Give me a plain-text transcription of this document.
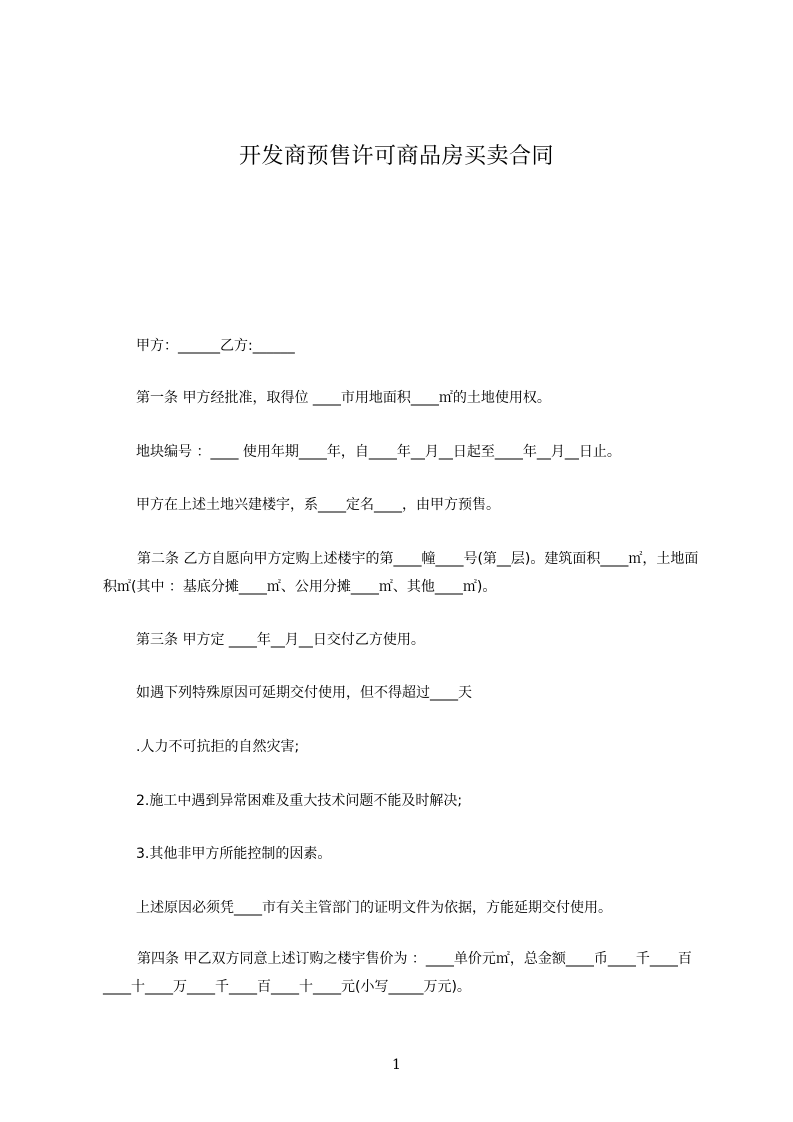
开发商预售许可商品房买卖合同

甲方：______乙方:______

第一条 甲方经批准，取得位 ____市用地面积____㎡的土地使用权。

地块编号 ：____ 使用年期____年，自____年__月__日起至____年__月__日止。

甲方在上述土地兴建楼宇，系____定名____，由甲方预售。

第二条 乙方自愿向甲方定购上述楼宇的第____幢____号(第__层)。建筑面积____㎡，土地面积㎡(其中 ：基底分摊____㎡、公用分摊____㎡、其他____㎡)。

第三条 甲方定 ____年__月__日交付乙方使用。

如遇下列特殊原因可延期交付使用，但不得超过____天

.人力不可抗拒的自然灾害;

2.施工中遇到异常困难及重大技术问题不能及时解决;

3.其他非甲方所能控制的因素。

上述原因必须凭____市有关主管部门的证明文件为依据，方能延期交付使用。

第四条 甲乙双方同意上述订购之楼宇售价为 ：____单价元㎡，总金额____币____千____百____十____万____千____百____十____元(小写_____万元)。

1
